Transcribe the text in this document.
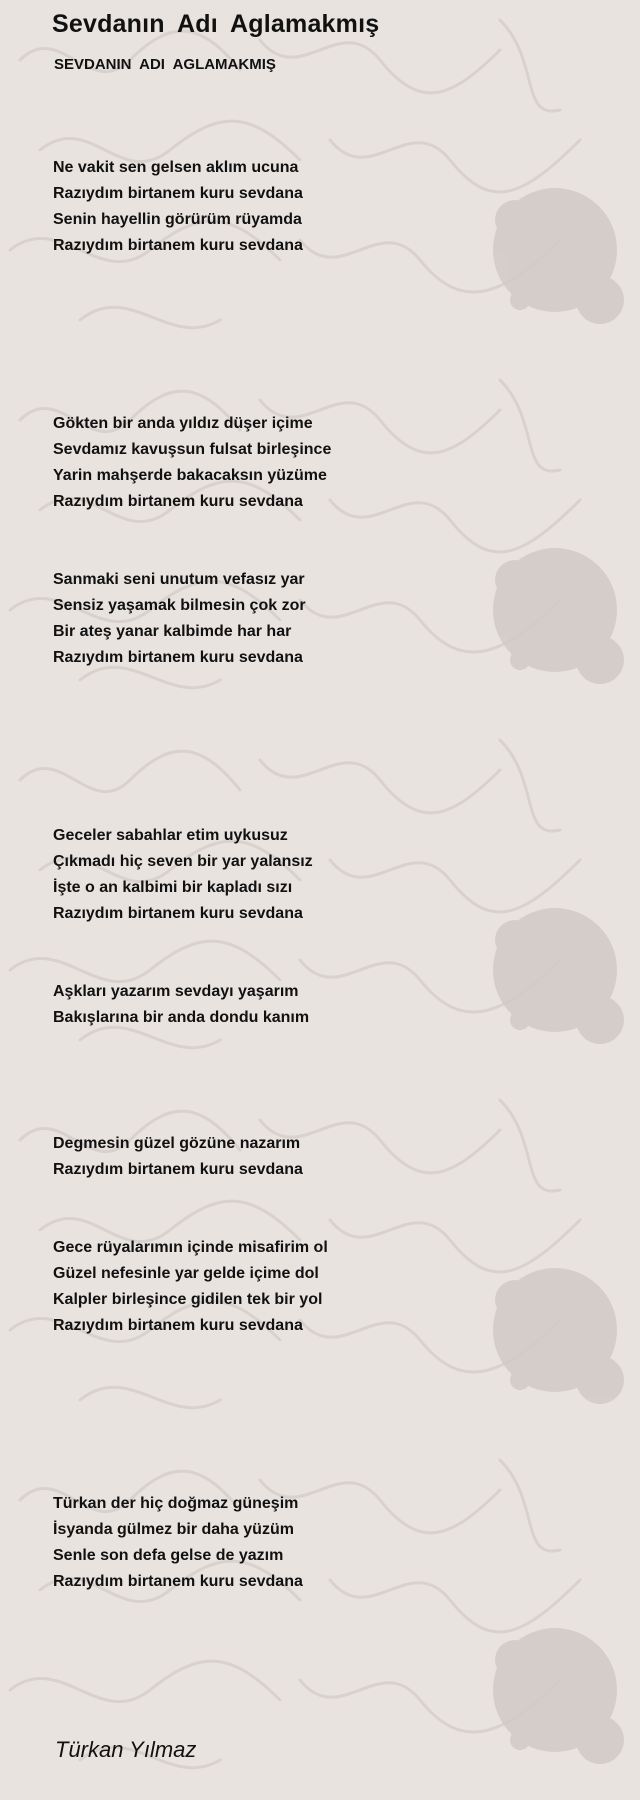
Sevdanın Adı Aglamakmış
SEVDANIN ADI AGLAMAKMIŞ
Ne vakit sen gelsen aklım ucuna
Razıydım birtanem kuru sevdana
Senin hayellin görürüm rüyamda
Razıydım birtanem kuru sevdana
Gökten bir anda yıldız düşer içime
Sevdamız kavuşsun fulsat birleşince
Yarin mahşerde bakacaksın yüzüme
Razıydım birtanem kuru sevdana
Sanmaki seni unutum vefasız yar
Sensiz yaşamak bilmesin çok zor
Bir ateş yanar kalbimde har har
Razıydım birtanem kuru sevdana
Geceler sabahlar etim uykusuz
Çıkmadı hiç seven bir yar yalansız
İşte o an kalbimi bir kapladı sızı
Razıydım birtanem kuru sevdana
Aşkları yazarım sevdayı yaşarım
Bakışlarına bir anda dondu kanım
Degmesin güzel gözüne nazarım
Razıydım birtanem kuru sevdana
Gece rüyalarımın içinde misafirim ol
Güzel nefesinle yar gelde içime dol
Kalpler birleşince gidilen tek bir yol
Razıydım birtanem kuru sevdana
Türkan der hiç doğmaz güneşim
İsyanda gülmez bir daha yüzüm
Senle son defa gelse de yazım
Razıydım birtanem kuru sevdana

Türkan Yılmaz
